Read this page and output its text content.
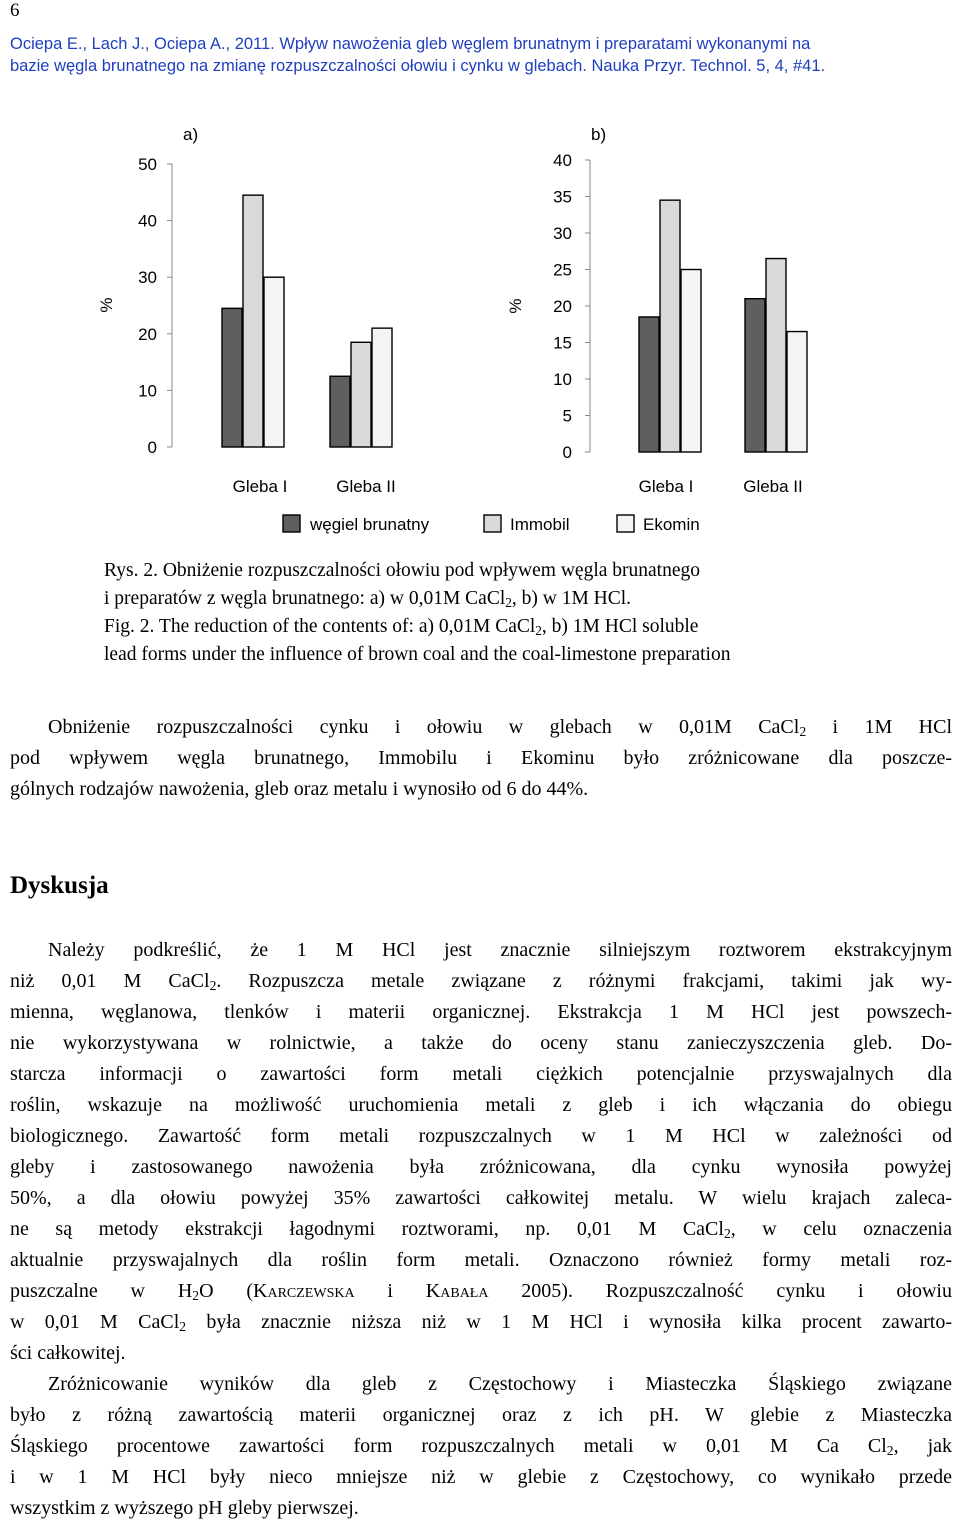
6
Ociepa E., Lach J., Ociepa A., 2011. Wpływ nawożenia gleb węglem brunatnym i preparatami wykonanymi na
bazie węgla brunatnego na zmianę rozpuszczalności ołowiu i cynku w glebach. Nauka Przyr. Technol. 5, 4, #41.
a)
%
0
10
20
30
40
50
Gleba I	Gleba II
b)
%
0
5
10
15
20
25
30
35
40
Gleba I	Gleba II
węgiel brunatny	Immobil	Ekomin
Rys. 2. Obniżenie rozpuszczalności ołowiu pod wpływem węgla brunatnego
i preparatów z węgla brunatnego: a) w 0,01M CaCl$_2$, b) w 1M HCl.
Fig. 2. The reduction of the contents of: a) 0,01M CaCl$_2$, b) 1M HCl soluble
lead forms under the influence of brown coal and the coal-limestone preparation
Obniżenie rozpuszczalności cynku i ołowiu w glebach w 0,01M CaCl$_2$ i 1M HCl
pod wpływem węgla brunatnego, Immobilu i Ekominu było zróżnicowane dla poszcze-
gólnych rodzajów nawożenia, gleb oraz metalu i wynosiło od 6 do 44%.
Dyskusja
Należy podkreślić, że 1 M HCl jest znacznie silniejszym roztworem ekstrakcyjnym
niż 0,01 M CaCl$_2$. Rozpuszcza metale związane z różnymi frakcjami, takimi jak wy-
mienna, węglanowa, tlenków i materii organicznej. Ekstrakcja 1 M HCl jest powszech-
nie wykorzystywana w rolnictwie, a także do oceny stanu zanieczyszczenia gleb. Do-
starcza informacji o zawartości form metali ciężkich potencjalnie przyswajalnych dla
roślin, wskazuje na możliwość uruchomienia metali z gleb i ich włączania do obiegu
biologicznego. Zawartość form metali rozpuszczalnych w 1 M HCl w zależności od
gleby i zastosowanego nawożenia była zróżnicowana, dla cynku wynosiła powyżej
50%, a dla ołowiu powyżej 35% zawartości całkowitej metalu. W wielu krajach zaleca-
ne są metody ekstrakcji łagodnymi roztworami, np. 0,01 M CaCl$_2$, w celu oznaczenia
aktualnie przyswajalnych dla roślin form metali. Oznaczono również formy metali roz-
puszczalne w $H_2O$ (Karczewska i Kabała 2005). Rozpuszczalność cynku i ołowiu
w 0,01 M CaCl$_2$ była znacznie niższa niż w 1 M HCl i wynosiła kilka procent zawarto-
ści całkowitej.
Zróżnicowanie wyników dla gleb z Częstochowy i Miasteczka Śląskiego związane
było z różną zawartością materii organicznej oraz z ich pH. W glebie z Miasteczka
Śląskiego procentowe zawartości form rozpuszczalnych metali w 0,01 M Ca $Cl_2$, jak
i w 1 M HCl były nieco mniejsze niż w glebie z Częstochowy, co wynikało przede
wszystkim z wyższego pH gleby pierwszej.
